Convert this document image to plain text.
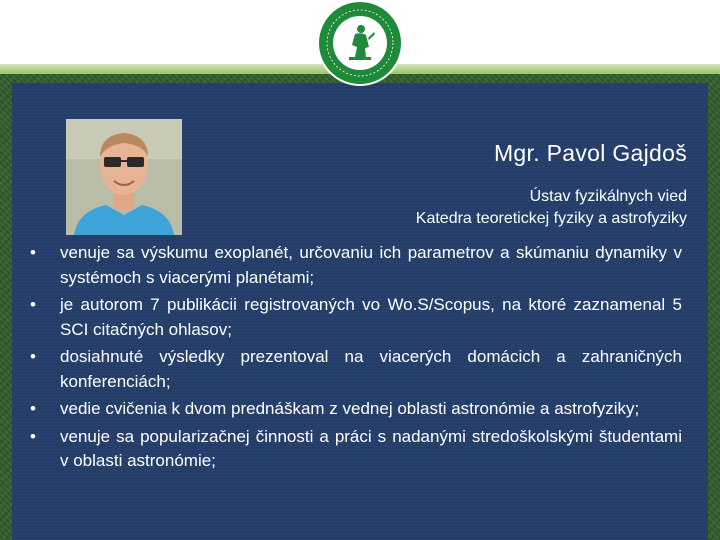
Mgr. Pavol Gajdoš
Ústav fyzikálnych vied
Katedra teoretickej fyziky a astrofyziky
• venuje sa výskumu exoplanét, určovaniu ich parametrov a skúmaniu dynamiky v systémoch s viacerými planétami;
• je autorom 7 publikácii registrovaných vo Wo.S/Scopus, na ktoré zaznamenal 5 SCI citačných ohlasov;
• dosiahnuté výsledky prezentoval na viacerých domácich a zahraničných konferenciách;
• vedie cvičenia k dvom prednáškam z vednej oblasti astronómie a astrofyziky;
• venuje sa popularizačnej činnosti a práci s nadanými stredoškolskými študentami v oblasti astronómie;
